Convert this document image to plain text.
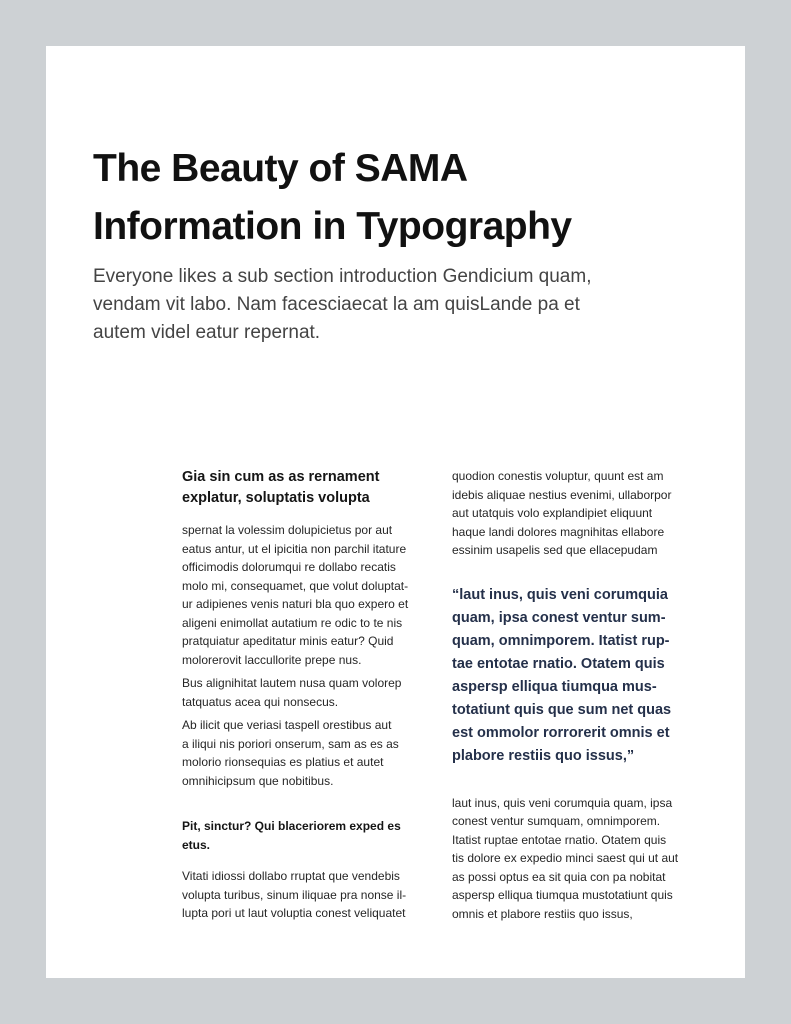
The Beauty of SAMA
Information in Typography

Everyone likes a sub section introduction Gendicium quam,
vendam vit labo. Nam facesciaecat la am quisLande pa et
autem videl eatur repernat.

Gia sin cum as as rernament
explatur, soluptatis volupta
spernat la volessim dolupicietus por aut
eatus antur, ut el ipicitia non parchil itature
officimodis dolorumqui re dollabo recatis
molo mi, consequamet, que volut doluptat-
ur adipienes venis naturi bla quo expero et
aligeni enimollat autatium re odic to te nis
pratquiatur apeditatur minis eatur? Quid
molorerovit laccullorite prepe nus.
Bus alignihitat lautem nusa quam volorep
tatquatus acea qui nonsecus.
Ab ilicit que veriasi taspell orestibus aut
a iliqui nis poriori onserum, sam as es as
molorio rionsequias es platius et autet
omnihicipsum que nobitibus.
Pit, sinctur? Qui blaceriorem exped es
etus.
Vitati idiossi dollabo rruptat que vendebis
volupta turibus, sinum iliquae pra nonse il-
lupta pori ut laut voluptia conest veliquatet
quodion conestis voluptur, quunt est am
idebis aliquae nestius evenimi, ullaborpor
aut utatquis volo explandipiet eliquunt
haque landi dolores magnihitas ellabore
essinim usapelis sed que ellacepudam
“laut inus, quis veni corumquia
quam, ipsa conest ventur sum-
quam, omnimporem. Itatist rup-
tae entotae rnatio. Otatem quis
aspersp elliqua tiumqua mus-
totatiunt quis que sum net quas
est ommolor rorrorerit omnis et
plabore restiis quo issus,”
laut inus, quis veni corumquia quam, ipsa
conest ventur sumquam, omnimporem.
Itatist ruptae entotae rnatio. Otatem quis
tis dolore ex expedio minci saest qui ut aut
as possi optus ea sit quia con pa nobitat
aspersp elliqua tiumqua mustotatiunt quis
omnis et plabore restiis quo issus,
